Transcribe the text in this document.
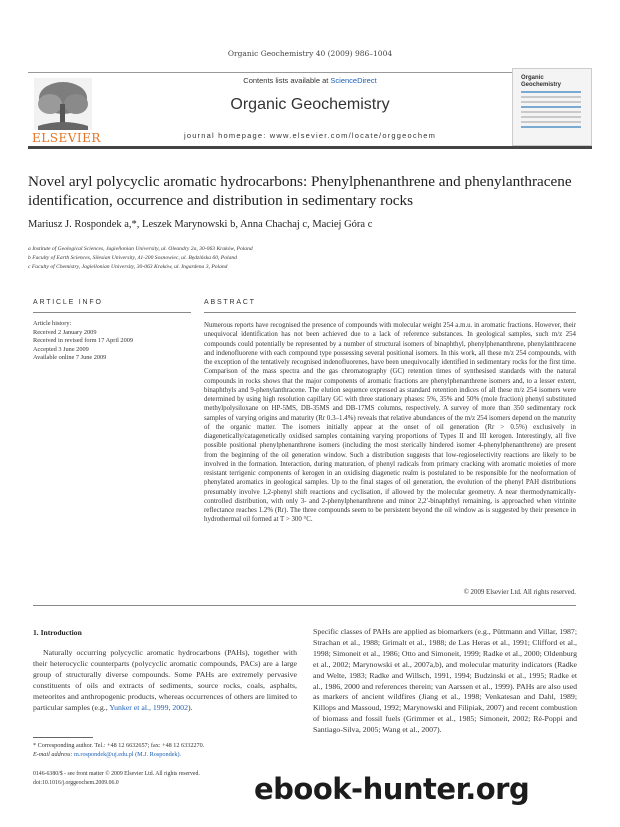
Organic Geochemistry 40 (2009) 986–1004
ELSEVIER
Contents lists available at ScienceDirect
Organic Geochemistry
journal homepage: www.elsevier.com/locate/orggeochem
Organic
Geochemistry
Novel aryl polycyclic aromatic hydrocarbons: Phenylphenanthrene and phenylanthracene identification, occurrence and distribution in sedimentary rocks
Mariusz J. Rospondek a,*, Leszek Marynowski b, Anna Chachaj c, Maciej Góra c
a Institute of Geological Sciences, Jagiellonian University, ul. Oleandry 2a, 30-063 Kraków, Poland
b Faculty of Earth Sciences, Silesian University, 41-200 Sosnowiec, ul. Będzińska 60, Poland
c Faculty of Chemistry, Jagiellonian University, 30-063 Kraków, ul. Ingardena 3, Poland
ARTICLE INFO
Article history:
Received 2 January 2009
Received in revised form 17 April 2009
Accepted 3 June 2009
Available online 7 June 2009
ABSTRACT
Numerous reports have recognised the presence of compounds with molecular weight 254 a.m.u. in aromatic fractions. However, their unequivocal identification has not been achieved due to a lack of reference substances. In geological samples, such m/z 254 compounds could potentially be represented by a number of structural isomers of binaphthyl, phenylphenanthrene, phenylanthracene and indenofluorene with each compound type possessing several positional isomers. In this work, all these m/z 254 compounds, with the exception of the tentatively recognised indenofluorenes, have been unequivocally identified in sedimentary rocks for the first time. Comparison of the mass spectra and the gas chromatography (GC) retention times of synthesised standards with the natural compounds in rocks shows that the major components of aromatic fractions are phenylphenanthrene isomers and, to a lesser extent, binaphthyls and 9-phenylanthracene. The elution sequence expressed as standard retention indices of all these m/z 254 isomers were determined by using high resolution capillary GC with three stationary phases: 5%, 35% and 50% (mole fraction) phenyl substituted methylpolysiloxane on HP-5MS, DB-35MS and DB-17MS columns, respectively. A survey of more than 350 sedimentary rock samples of varying origins and maturity (Rr 0.3–1.4%) reveals that relative abundances of the m/z 254 isomers depend on the maturity of the organic matter. The isomers initially appear at the onset of oil generation (Rr > 0.5%) exclusively in diagenetically/catagenetically oxidised samples containing varying proportions of Types II and III kerogen. Interestingly, all five possible positional phenylphenanthrene isomers (including the most sterically hindered isomer 4-phenylphenanthrene) are present from the beginning of the oil generation window. Such a distribution suggests that low-regioselectivity reactions are likely to be involved in the formation. Interaction, during maturation, of phenyl radicals from primary cracking with aromatic moieties of more resistant terrigenic components of kerogen in an oxidising diagenetic realm is postulated to be responsible for the neoformation of phenylated aromatics in geological samples. Up to the final stages of oil generation, the evolution of the phenyl PAH distributions presumably involve 1,2-phenyl shift reactions and cyclisation, if allowed by the molecular geometry. A near thermodynamically-controlled distribution, with only 3- and 2-phenylphenanthrene and minor 2,2′-binaphthyl remaining, is approached when vitrinite reflectance reaches 1.2% (Rr). The three compounds seem to be persistent beyond the oil window as is suggested by their presence in hydrothermal oil formed at T > 300 °C.
© 2009 Elsevier Ltd. All rights reserved.
1. Introduction
Naturally occurring polycyclic aromatic hydrocarbons (PAHs), together with their heterocyclic counterparts (polycyclic aromatic compounds, PACs) are a large group of structurally diverse compounds. Some PAHs are extremely pervasive constituents of oils and extracts of sediments, source rocks, coals, asphalts, meteorites and anthropogenic products, whereas occurrences of others are limited to particular samples (e.g., Yunker et al., 1999, 2002).
Specific classes of PAHs are applied as biomarkers (e.g., Püttmann and Villar, 1987; Strachan et al., 1988; Grimalt et al., 1988; de Las Heras et al., 1991; Clifford et al., 1998; Simoneit et al., 1986; Otto and Simoneit, 1999; Radke et al., 2000; Oldenburg et al., 2002; Marynowski et al., 2007a,b), and molecular maturity indicators (Radke and Welte, 1983; Radke and Willsch, 1991, 1994; Budzinski et al., 1995; Radke et al., 1986, 2000 and references therein; van Aarssen et al., 1999). PAHs are also used as markers of ancient wildfires (Jiang et al., 1998; Venkatesan and Dahl, 1989; Killops and Massoud, 1992; Marynowski and Filipiak, 2007) and recent combustion of biomass and fossil fuels (Grimmer et al., 1985; Simoneit, 2002; Ré-Poppi and Santiago-Silva, 2005; Wang et al., 2007).
* Corresponding author. Tel.: +48 12 6632657; fax: +48 12 6332270.
E-mail address: m.rospondek@uj.edu.pl (M.J. Rospondek).
0146-6380/$ - see front matter © 2009 Elsevier Ltd. All rights reserved.
doi:10.1016/j.orggeochem.2009.06.0	ebook-hunter.org
